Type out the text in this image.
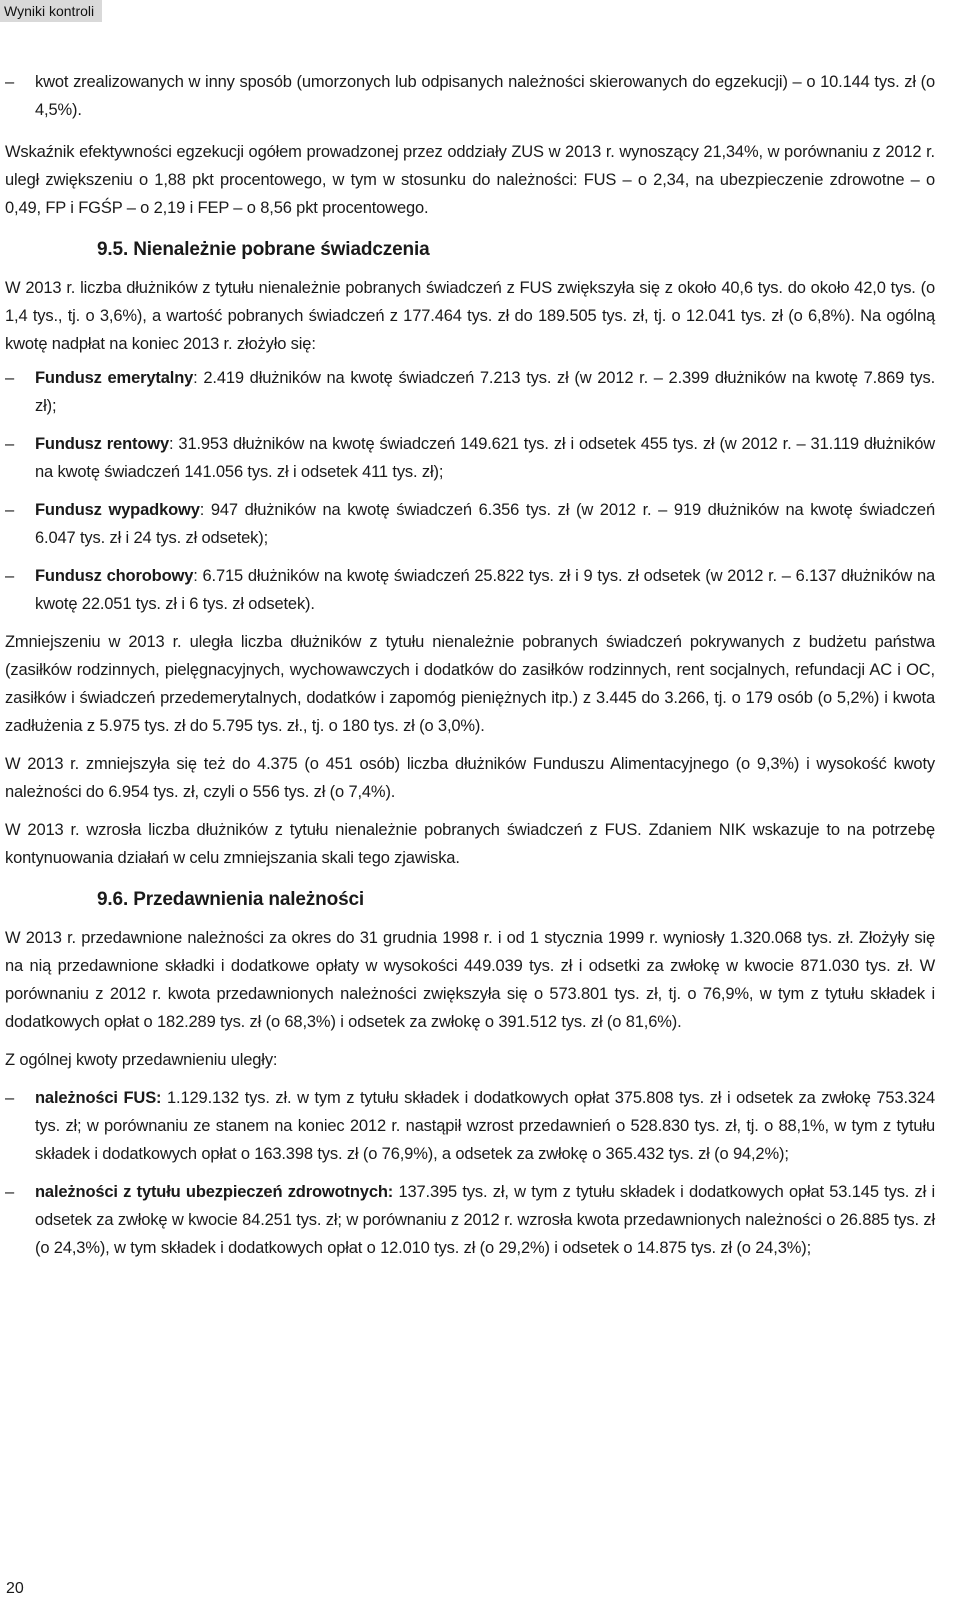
Wyniki kontroli
–	kwot zrealizowanych w inny sposób (umorzonych lub odpisanych należności skierowanych do egzekucji) – o 10.144 tys. zł (o 4,5%).

Wskaźnik efektywności egzekucji ogółem prowadzonej przez oddziały ZUS w 2013 r. wynoszący 21,34%, w porównaniu z 2012 r. uległ zwiększeniu o 1,88 pkt procentowego, w tym w stosunku do należności: FUS – o 2,34, na ubezpieczenie zdrowotne – o 0,49, FP i FGŚP – o 2,19 i FEP – o 8,56 pkt procentowego.

9.5. Nienależnie pobrane świadczenia

W 2013 r. liczba dłużników z tytułu nienależnie pobranych świadczeń z FUS zwiększyła się z około 40,6 tys. do około 42,0 tys. (o 1,4 tys., tj. o 3,6%), a wartość pobranych świadczeń z 177.464 tys. zł do 189.505 tys. zł, tj. o 12.041 tys. zł (o 6,8%). Na ogólną kwotę nadpłat na koniec 2013 r. złożyło się:

–	Fundusz emerytalny: 2.419 dłużników na kwotę świadczeń 7.213 tys. zł (w 2012 r. – 2.399 dłużników na kwotę 7.869 tys. zł);
–	Fundusz rentowy: 31.953 dłużników na kwotę świadczeń 149.621 tys. zł i odsetek 455 tys. zł (w 2012 r. – 31.119 dłużników na kwotę świadczeń 141.056 tys. zł i odsetek 411 tys. zł);
–	Fundusz wypadkowy: 947 dłużników na kwotę świadczeń 6.356 tys. zł (w 2012 r. – 919 dłużników na kwotę świadczeń 6.047 tys. zł i 24 tys. zł odsetek);
–	Fundusz chorobowy: 6.715 dłużników na kwotę świadczeń 25.822 tys. zł i 9 tys. zł odsetek (w 2012 r. – 6.137 dłużników na kwotę 22.051 tys. zł i 6 tys. zł odsetek).

Zmniejszeniu w 2013 r. uległa liczba dłużników z tytułu nienależnie pobranych świadczeń pokrywanych z budżetu państwa (zasiłków rodzinnych, pielęgnacyjnych, wychowawczych i dodatków do zasiłków rodzinnych, rent socjalnych, refundacji AC i OC, zasiłków i świadczeń przedemerytalnych, dodatków i zapomóg pieniężnych itp.) z 3.445 do 3.266, tj. o 179 osób (o 5,2%) i kwota zadłużenia z 5.975 tys. zł do 5.795 tys. zł., tj. o 180 tys. zł (o 3,0%).

W 2013 r. zmniejszyła się też do 4.375 (o 451 osób) liczba dłużników Funduszu Alimentacyjnego (o 9,3%) i wysokość kwoty należności do 6.954 tys. zł, czyli o 556 tys. zł (o 7,4%).

W 2013 r. wzrosła liczba dłużników z tytułu nienależnie pobranych świadczeń z FUS. Zdaniem NIK wskazuje to na potrzebę kontynuowania działań w celu zmniejszania skali tego zjawiska.

9.6. Przedawnienia należności

W 2013 r. przedawnione należności za okres do 31 grudnia 1998 r. i od 1 stycznia 1999 r. wyniosły 1.320.068 tys. zł. Złożyły się na nią przedawnione składki i dodatkowe opłaty w wysokości 449.039 tys. zł i odsetki za zwłokę w kwocie 871.030 tys. zł. W porównaniu z 2012 r. kwota przedawnionych należności zwiększyła się o 573.801 tys. zł, tj. o 76,9%, w tym z tytułu składek i dodatkowych opłat o 182.289 tys. zł (o 68,3%) i odsetek za zwłokę o 391.512 tys. zł (o 81,6%).

Z ogólnej kwoty przedawnieniu uległy:

–	należności FUS: 1.129.132 tys. zł. w tym z tytułu składek i dodatkowych opłat 375.808 tys. zł i odsetek za zwłokę 753.324 tys. zł; w porównaniu ze stanem na koniec 2012 r. nastąpił wzrost przedawnień o 528.830 tys. zł, tj. o 88,1%, w tym z tytułu składek i dodatkowych opłat o 163.398 tys. zł (o 76,9%), a odsetek za zwłokę o 365.432 tys. zł (o 94,2%);
–	należności z tytułu ubezpieczeń zdrowotnych: 137.395 tys. zł, w tym z tytułu składek i dodatkowych opłat 53.145 tys. zł i odsetek za zwłokę w kwocie 84.251 tys. zł; w porównaniu z 2012 r. wzrosła kwota przedawnionych należności o 26.885 tys. zł (o 24,3%), w tym składek i dodatkowych opłat o 12.010 tys. zł (o 29,2%) i odsetek o 14.875 tys. zł (o 24,3%);
20
